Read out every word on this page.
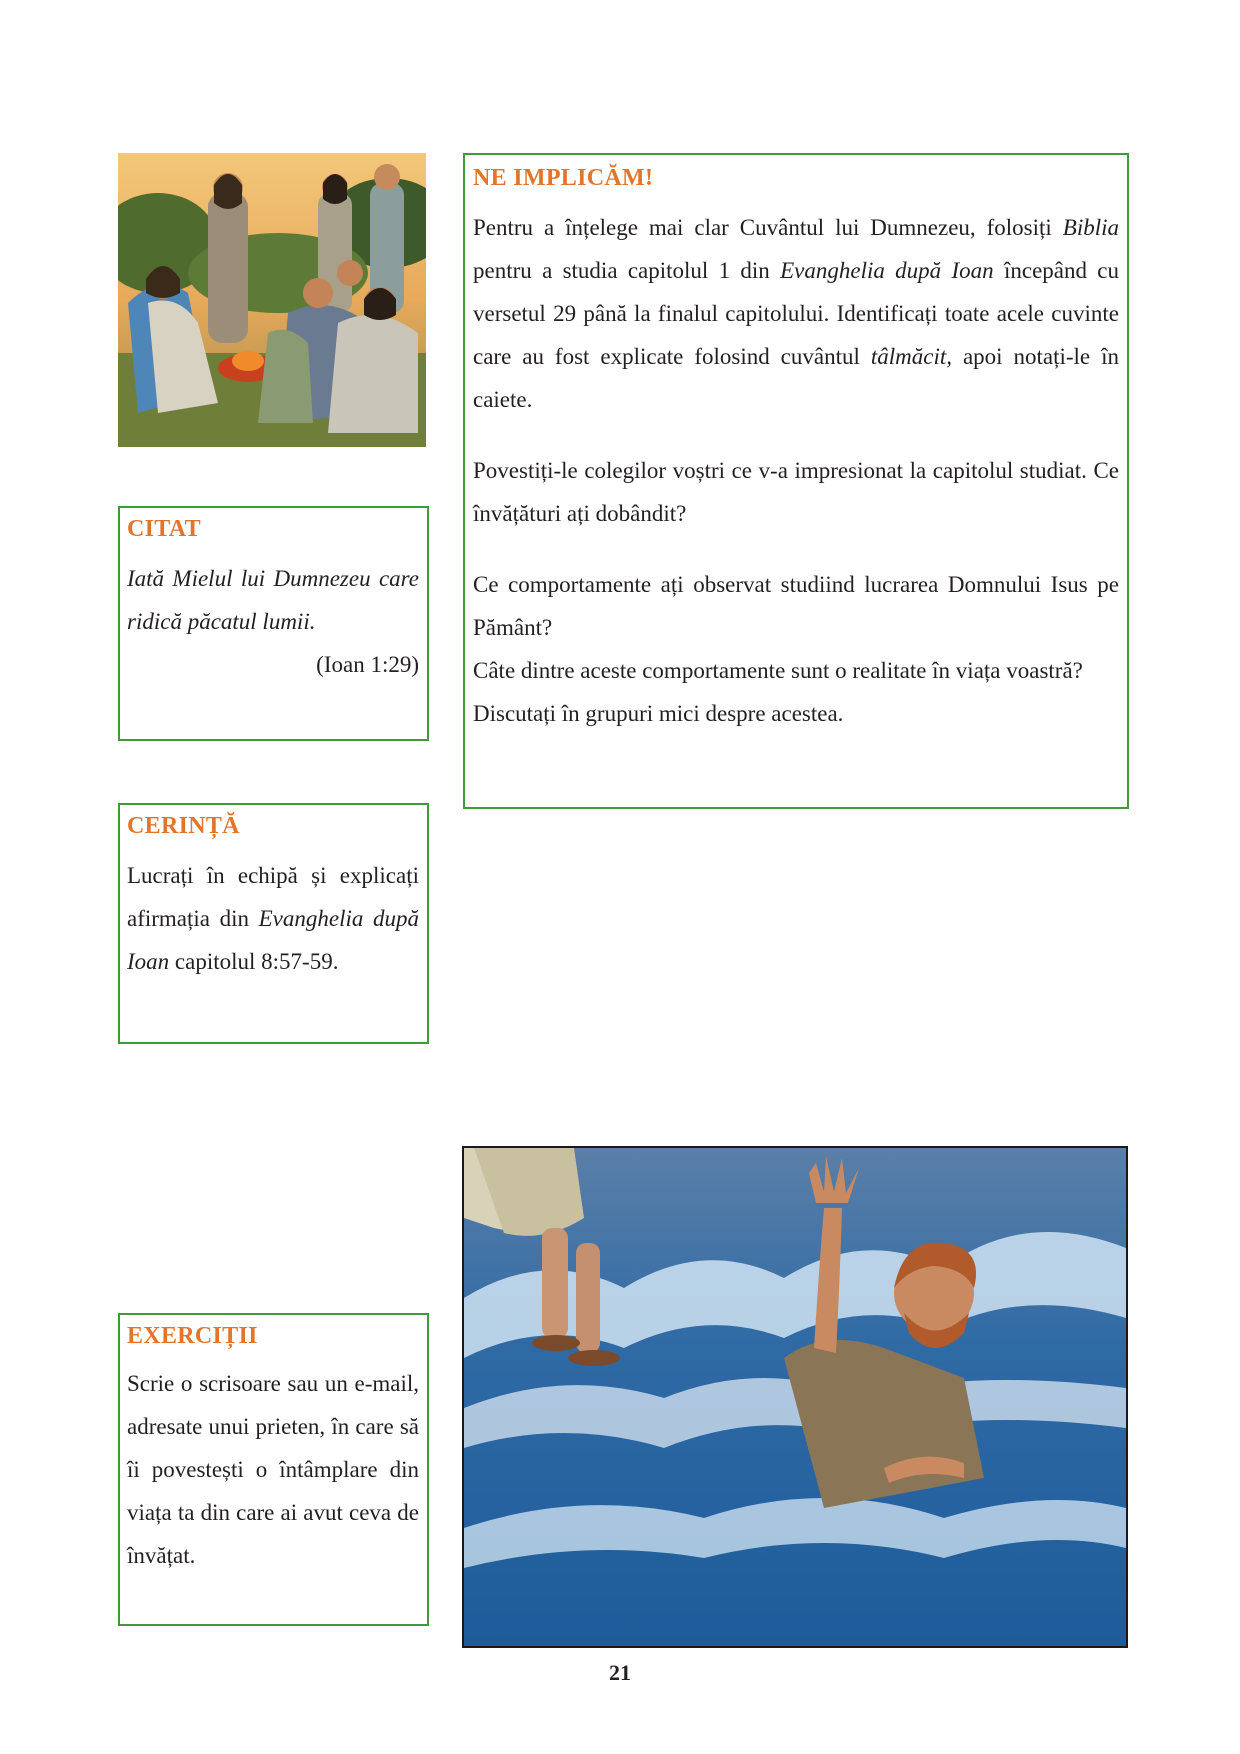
NE IMPLICĂM!

Pentru a înțelege mai clar Cuvântul lui Dumnezeu, folosiți Biblia pentru a studia capitolul 1 din Evanghelia după Ioan începând cu versetul 29 până la finalul capitolului. Identificați toate acele cuvinte care au fost explicate folosind cuvântul tâlmăcit, apoi notați-le în caiete.

Povestiți-le colegilor voștri ce v-a impresionat la capitolul studiat. Ce învățături ați dobândit?

Ce comportamente ați observat studiind lucrarea Domnului Isus pe Pământ?

Câte dintre aceste comportamente sunt o realitate în viața voastră?

Discutați în grupuri mici despre acestea.

CITAT

Iată Mielul lui Dumnezeu care ridică păcatul lumii.

(Ioan 1:29)

CERINȚĂ

Lucrați în echipă și explicați afirmația din Evanghelia după Ioan capitolul 8:57-59.

EXERCIȚII

Scrie o scrisoare sau un e-mail, adresate unui prieten, în care să îi povestești o întâmplare din viața ta din care ai avut ceva de învățat.

21
